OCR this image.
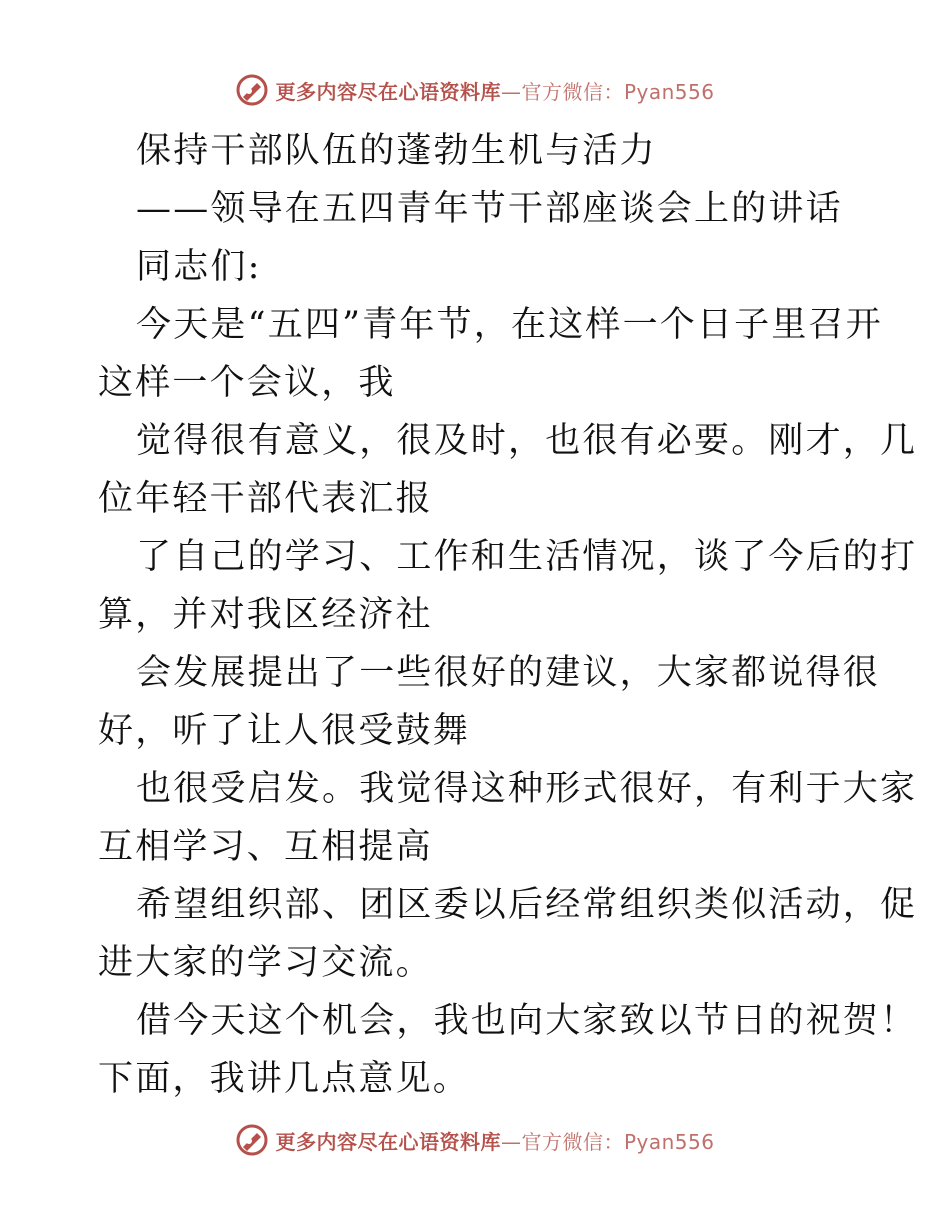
更多内容尽在心语资料库—官方微信：Pyan556
保持干部队伍的蓬勃生机与活力
——领导在五四青年节干部座谈会上的讲话
同志们:
今天是“五四”青年节，在这样一个日子里召开
这样一个会议，我
觉得很有意义，很及时，也很有必要。刚才，几
位年轻干部代表汇报
了自己的学习、工作和生活情况，谈了今后的打
算，并对我区经济社
会发展提出了一些很好的建议，大家都说得很
好，听了让人很受鼓舞
也很受启发。我觉得这种形式很好，有利于大家
互相学习、互相提高
希望组织部、团区委以后经常组织类似活动，促
进大家的学习交流。
借今天这个机会，我也向大家致以节日的祝贺！
下面，我讲几点意见。
更多内容尽在心语资料库—官方微信：Pyan556
